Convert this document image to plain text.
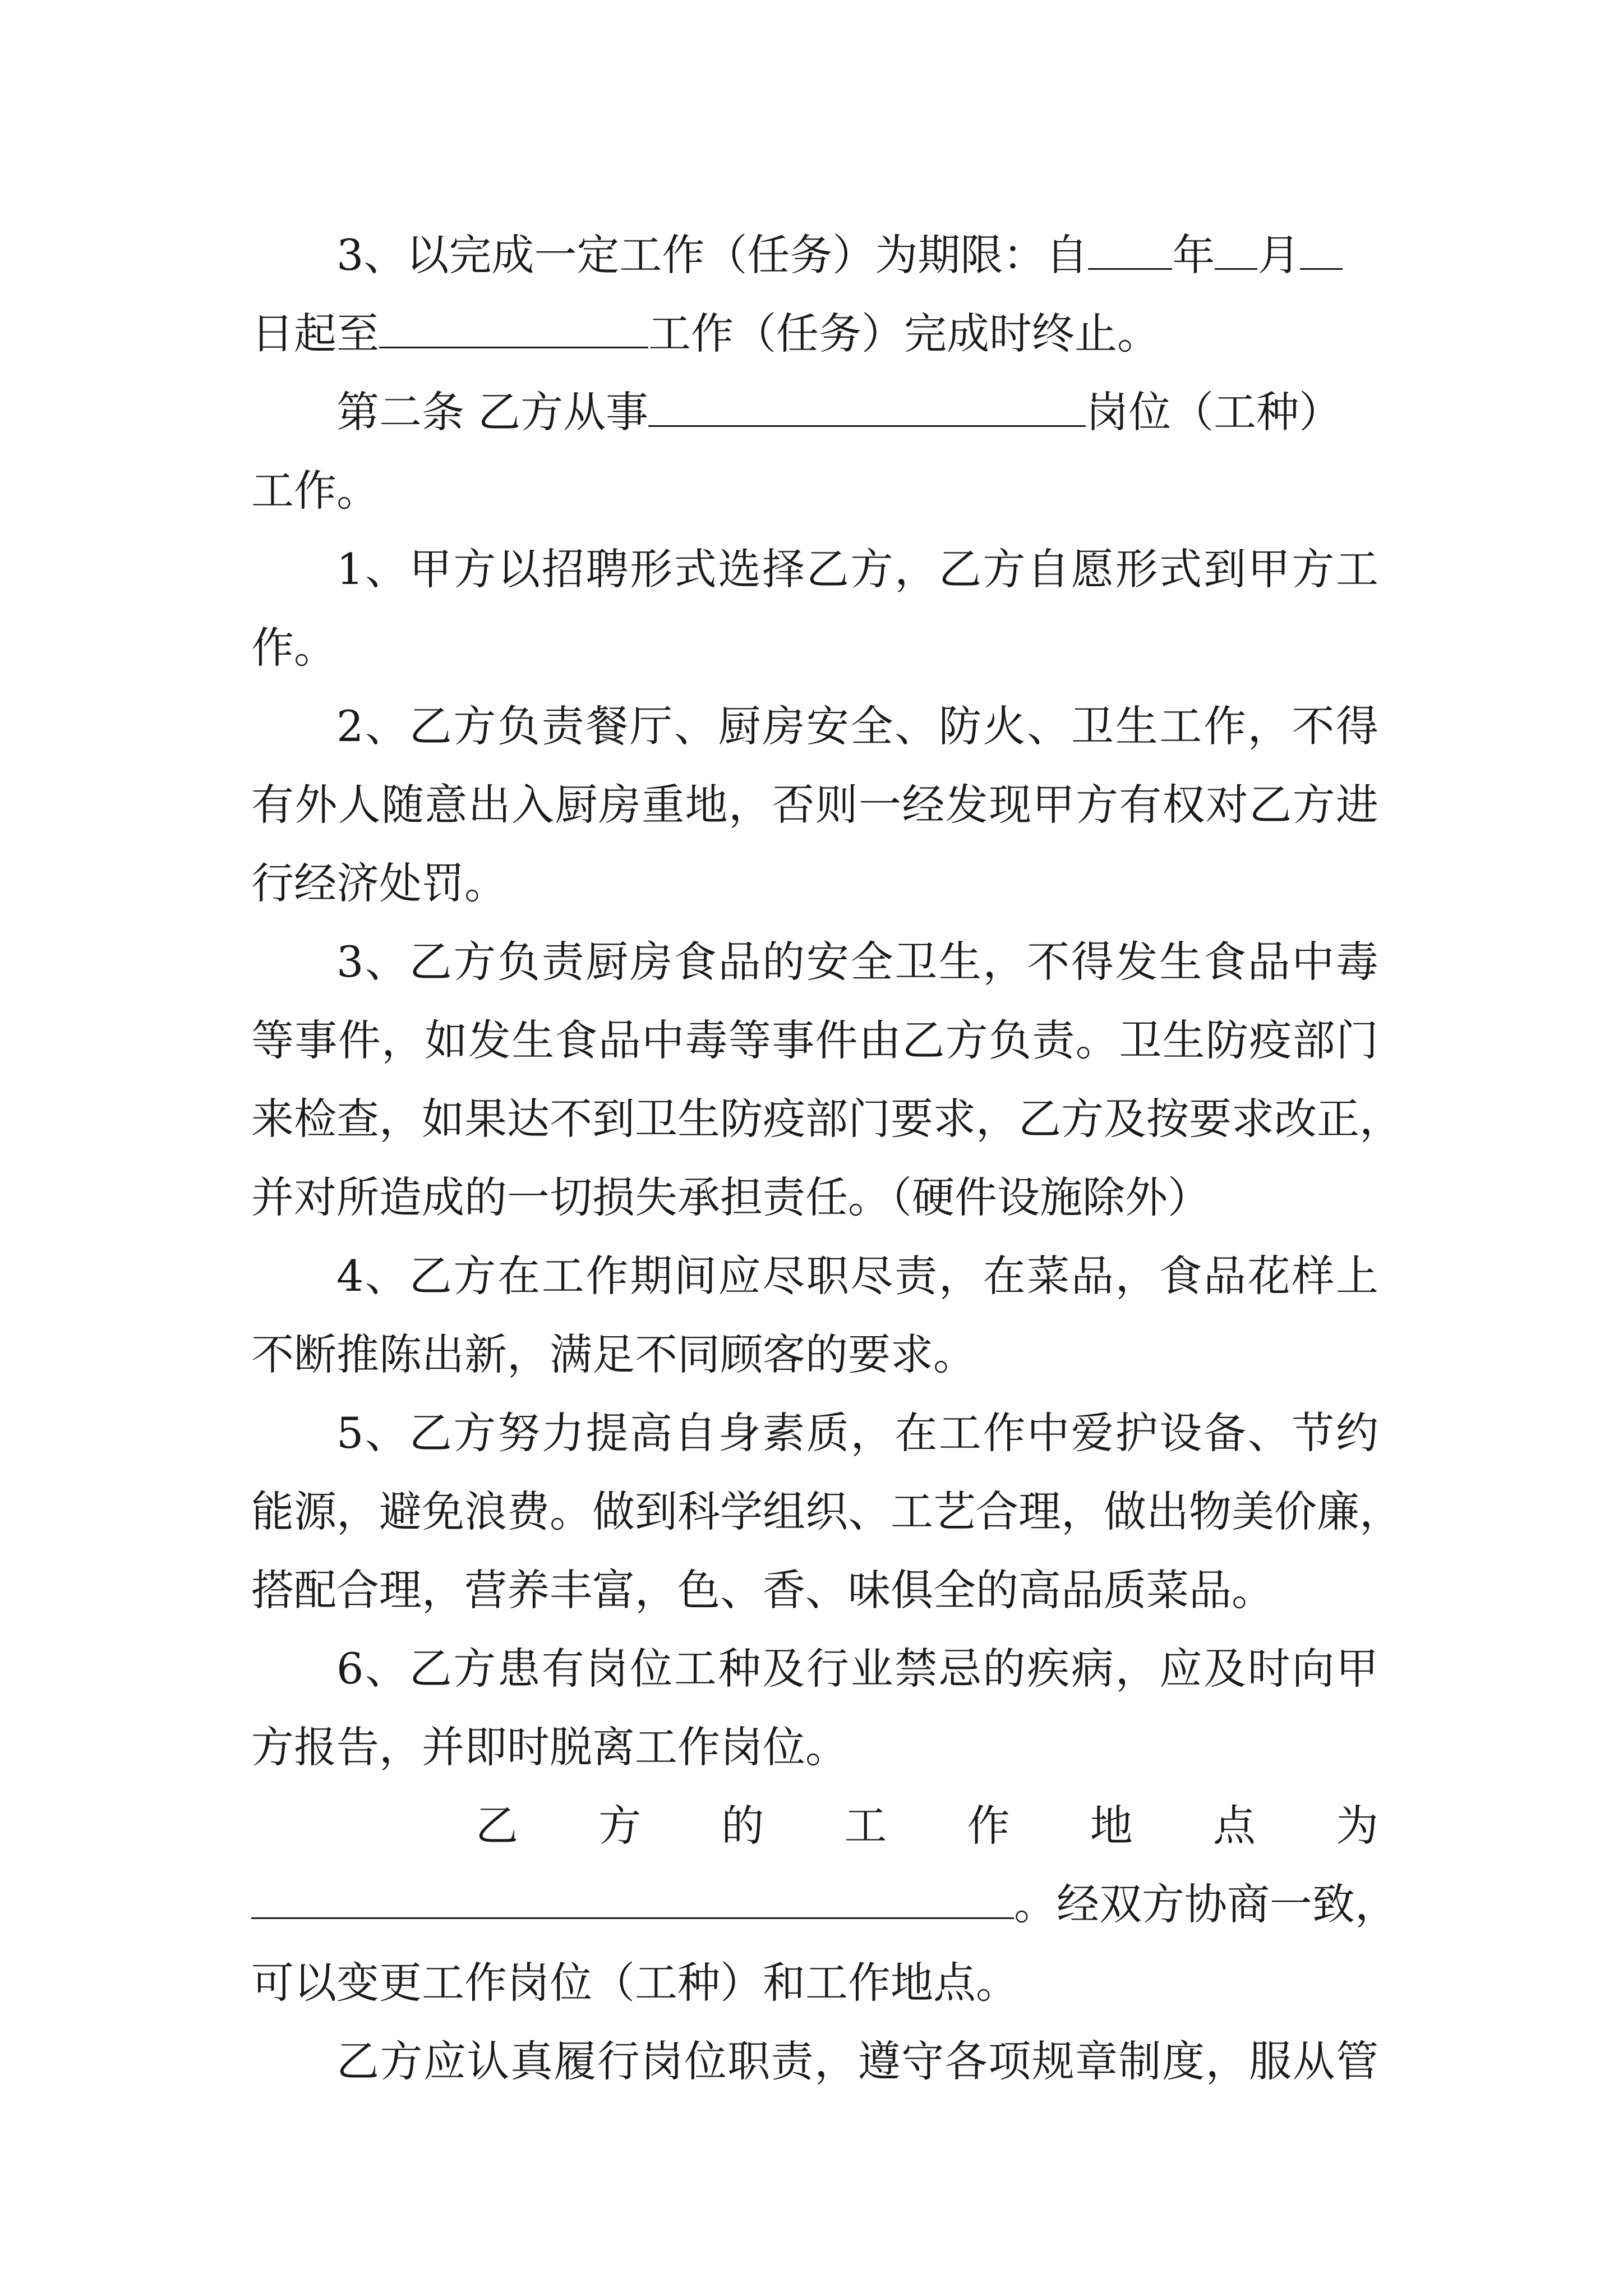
3、以完成一定工作（任务）为期限：自 年 月
日起至	工作（任务）完成时终止。
第二条 乙方从事	岗位（工种）
工作。
1、甲方以招聘形式选择乙方，乙方自愿形式到甲方工
作。
2、乙方负责餐厅、厨房安全、防火、卫生工作，不得
有外人随意出入厨房重地，否则一经发现甲方有权对乙方进
行经济处罚。
3、乙方负责厨房食品的安全卫生，不得发生食品中毒
等事件，如发生食品中毒等事件由乙方负责。卫生防疫部门
来检查，如果达不到卫生防疫部门要求，乙方及按要求改正，
并对所造成的一切损失承担责任。（硬件设施除外）
4、乙方在工作期间应尽职尽责，在菜品，食品花样上
不断推陈出新，满足不同顾客的要求。
5、乙方努力提高自身素质，在工作中爱护设备、节约
能源，避免浪费。做到科学组织、工艺合理，做出物美价廉，
搭配合理，营养丰富，色、香、味俱全的高品质菜品。
6、乙方患有岗位工种及行业禁忌的疾病，应及时向甲
方报告，并即时脱离工作岗位。
乙 方 的 工 作 地 点 为
。经双方协商一致，
可以变更工作岗位（工种）和工作地点。
乙方应认真履行岗位职责，遵守各项规章制度，服从管
